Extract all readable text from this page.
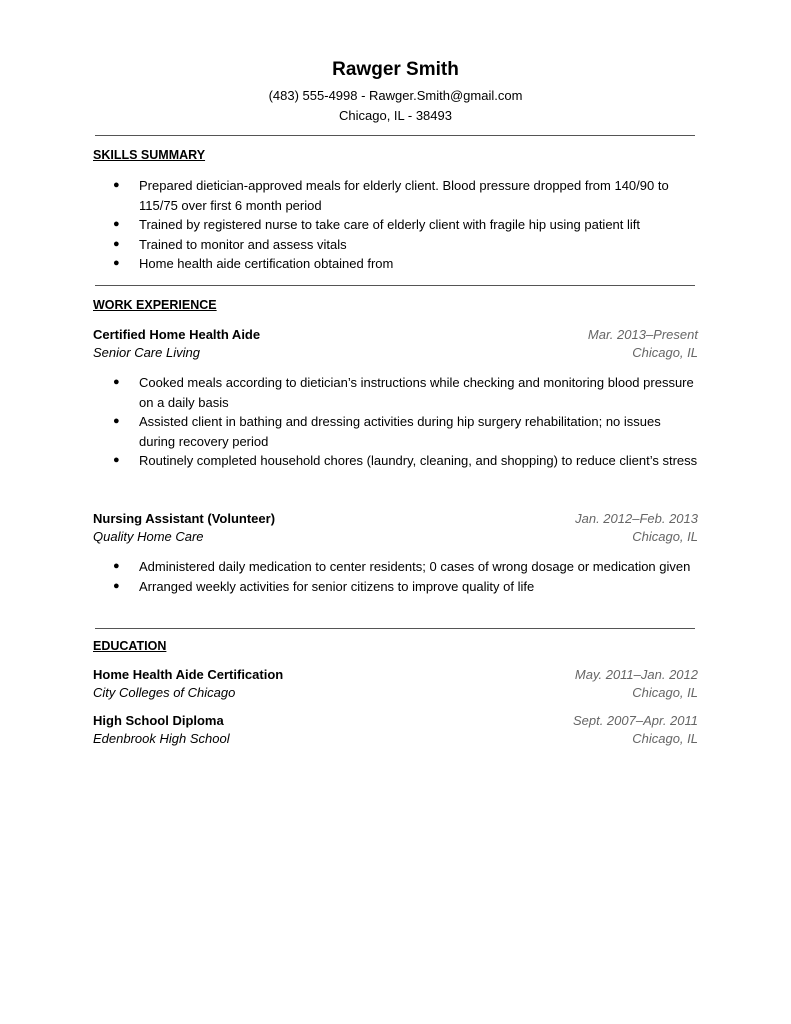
Rawger Smith
(483) 555-4998 - Rawger.Smith@gmail.com
Chicago, IL - 38493
SKILLS SUMMARY
● Prepared dietician-approved meals for elderly client. Blood pressure dropped from 140/90 to 115/75 over first 6 month period
● Trained by registered nurse to take care of elderly client with fragile hip using patient lift
● Trained to monitor and assess vitals
● Home health aide certification obtained from
WORK EXPERIENCE
Certified Home Health Aide	Mar. 2013–Present
Senior Care Living	Chicago, IL
● Cooked meals according to dietician’s instructions while checking and monitoring blood pressure on a daily basis
● Assisted client in bathing and dressing activities during hip surgery rehabilitation; no issues during recovery period
● Routinely completed household chores (laundry, cleaning, and shopping) to reduce client’s stress
Nursing Assistant (Volunteer)	Jan. 2012–Feb. 2013
Quality Home Care	Chicago, IL
● Administered daily medication to center residents; 0 cases of wrong dosage or medication given
● Arranged weekly activities for senior citizens to improve quality of life
EDUCATION
Home Health Aide Certification	May. 2011–Jan. 2012
City Colleges of Chicago	Chicago, IL
High School Diploma	Sept. 2007–Apr. 2011
Edenbrook High School	Chicago, IL
